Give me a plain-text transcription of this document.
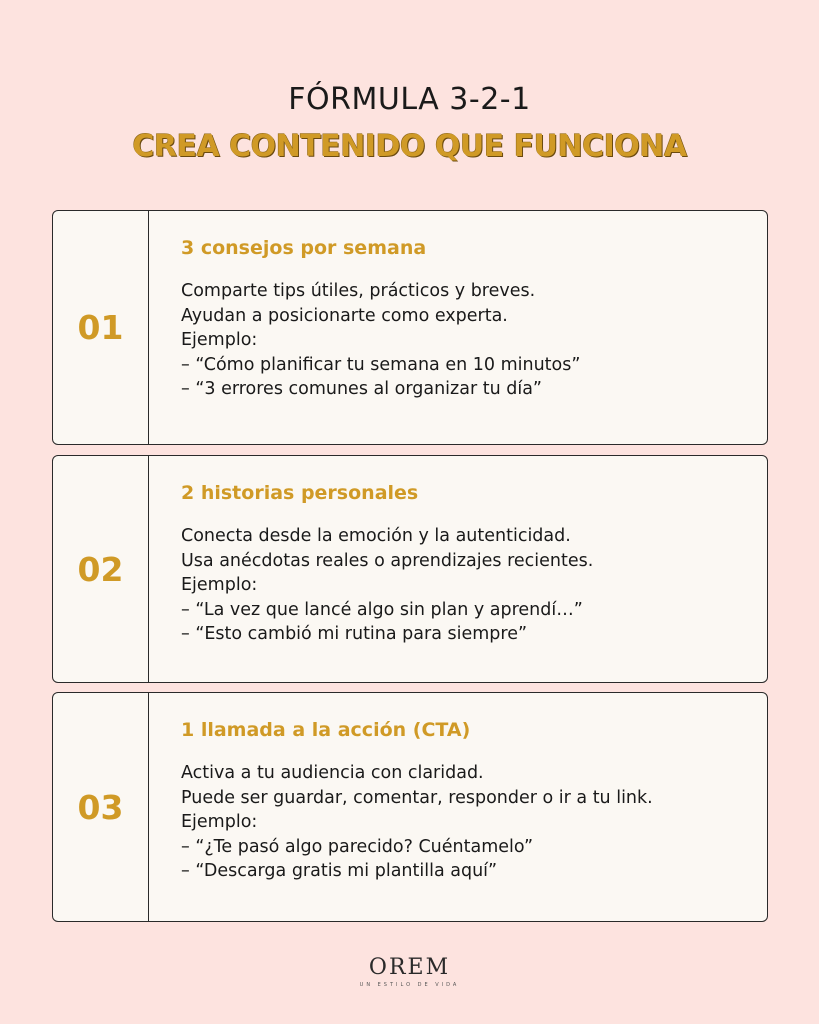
FÓRMULA 3-2-1
CREA CONTENIDO QUE FUNCIONA
01
3 consejos por semana
Comparte tips útiles, prácticos y breves.
Ayudan a posicionarte como experta.
Ejemplo:
– “Cómo planificar tu semana en 10 minutos”
– “3 errores comunes al organizar tu día”
02
2 historias personales
Conecta desde la emoción y la autenticidad.
Usa anécdotas reales o aprendizajes recientes.
Ejemplo:
– “La vez que lancé algo sin plan y aprendí…”
– “Esto cambió mi rutina para siempre”
03
1 llamada a la acción (CTA)
Activa a tu audiencia con claridad.
Puede ser guardar, comentar, responder o ir a tu link.
Ejemplo:
– “¿Te pasó algo parecido? Cuéntamelo”
– “Descarga gratis mi plantilla aquí”
OREM
UN ESTILO DE VIDA
